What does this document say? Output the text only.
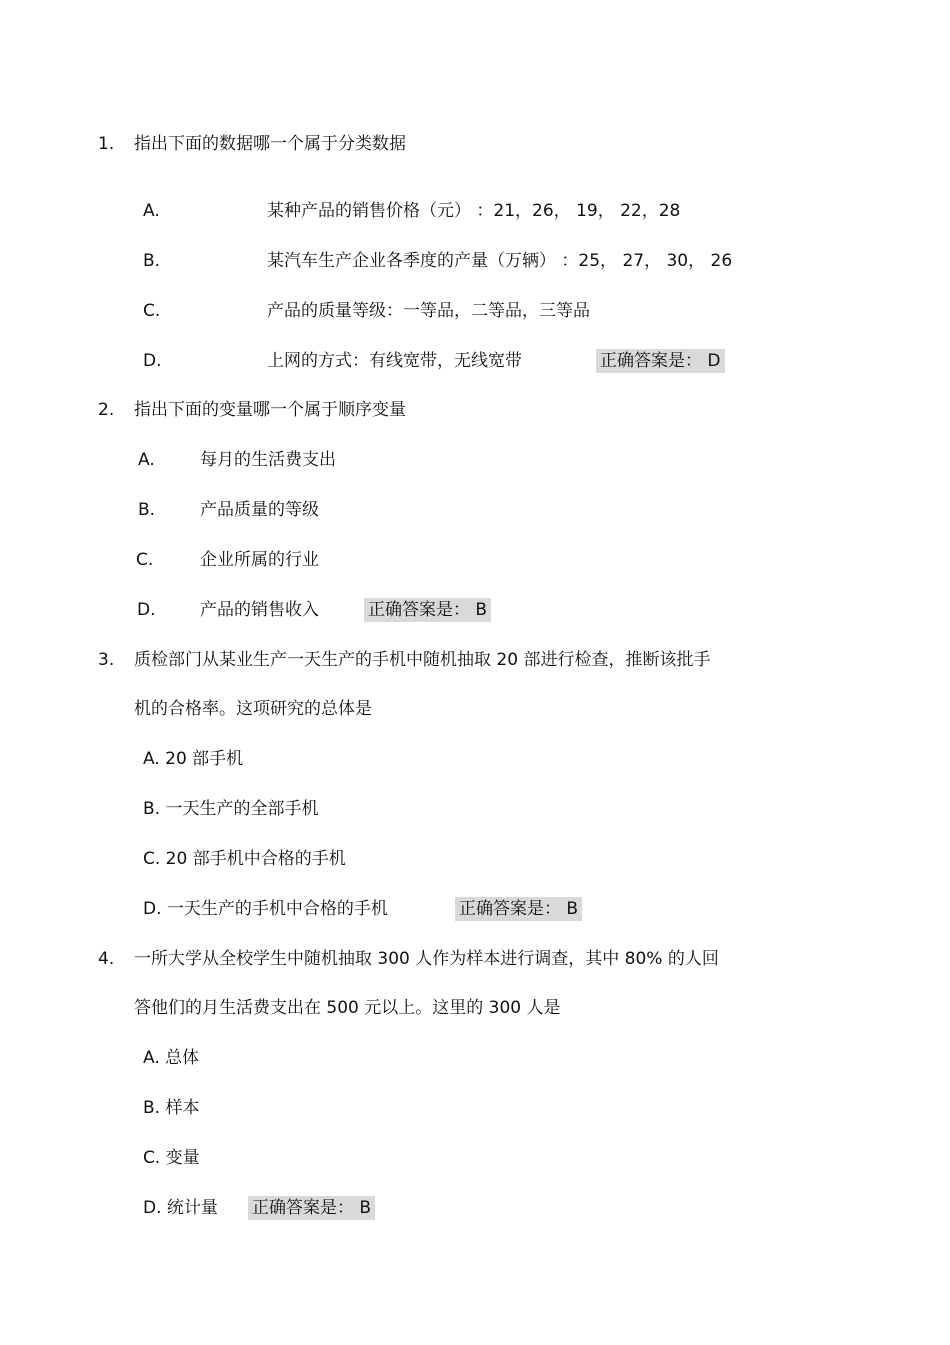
1. 指出下面的数据哪一个属于分类数据
A.	某种产品的销售价格（元） ：21，26， 19， 22，28
B.	某汽车生产企业各季度的产量（万辆） ：25， 27， 30， 26
C.	产品的质量等级：一等品，二等品，三等品
D.	上网的方式：有线宽带，无线宽带	正确答案是： D
2. 指出下面的变量哪一个属于顺序变量
A.	每月的生活费支出
B.	产品质量的等级
C.	企业所属的行业
D.	产品的销售收入	正确答案是： B
3. 质检部门从某业生产一天生产的手机中随机抽取 20 部进行检查，推断该批手
机的合格率。这项研究的总体是
A. 20 部手机
B. 一天生产的全部手机
C. 20 部手机中合格的手机
D. 一天生产的手机中合格的手机	正确答案是： B
4. 一所大学从全校学生中随机抽取 300 人作为样本进行调查，其中 80% 的人回
答他们的月生活费支出在 500 元以上。这里的 300 人是
A. 总体
B. 样本
C. 变量
D. 统计量 正确答案是： B
